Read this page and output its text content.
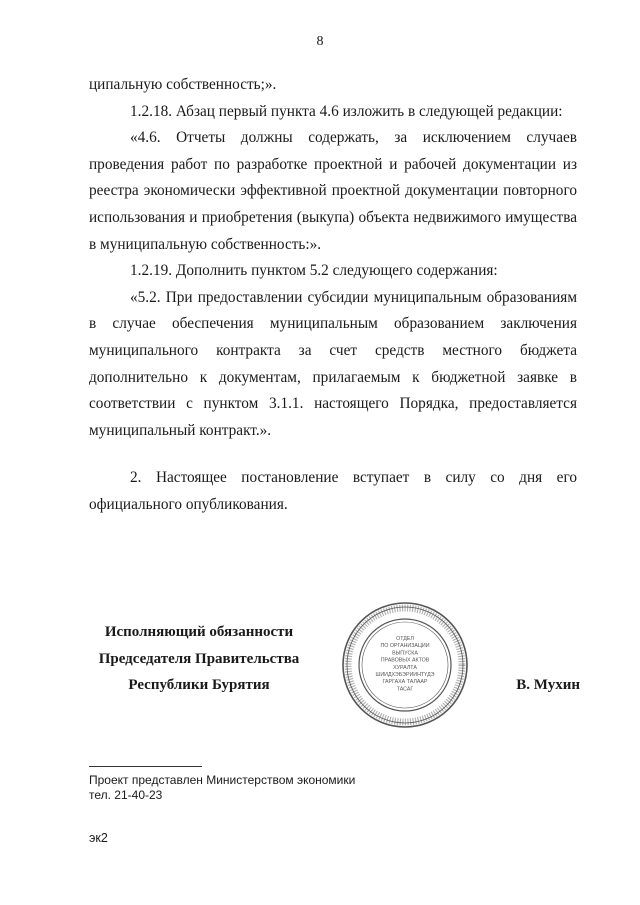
8

ципальную собственность;».

1.2.18. Абзац первый пункта 4.6 изложить в следующей редакции:

«4.6. Отчеты должны содержать, за исключением случаев проведения работ по разработке проектной и рабочей документации из реестра экономически эффективной проектной документации повторного использования и приобретения (выкупа) объекта недвижимого имущества в муниципальную собственность:».

1.2.19. Дополнить пунктом 5.2 следующего содержания:

«5.2. При предоставлении субсидии муниципальным образованиям в случае обеспечения муниципальным образованием заключения муниципального контракта за счет средств местного бюджета дополнительно к документам, прилагаемым к бюджетной заявке в соответствии с пунктом 3.1.1. настоящего Порядка, предоставляется муниципальный контракт.».

2. Настоящее постановление вступает в силу со дня его официального опубликования.

Исполняющий обязанности
Председателя Правительства
Республики Бурятия
ОТДЕЛ
ПО ОРГАНИЗАЦИИ
ВЫПУСКА
ПРАВОВЫХ АКТОВ
ХУРАЛТА
ШИИДХЭБЭРИИНТҮДЭ
ГАРГАХА ТАЛААР
ТАСАГ	В. Мухин
Проект представлен Министерством экономики
тел. 21-40-23
эк2
